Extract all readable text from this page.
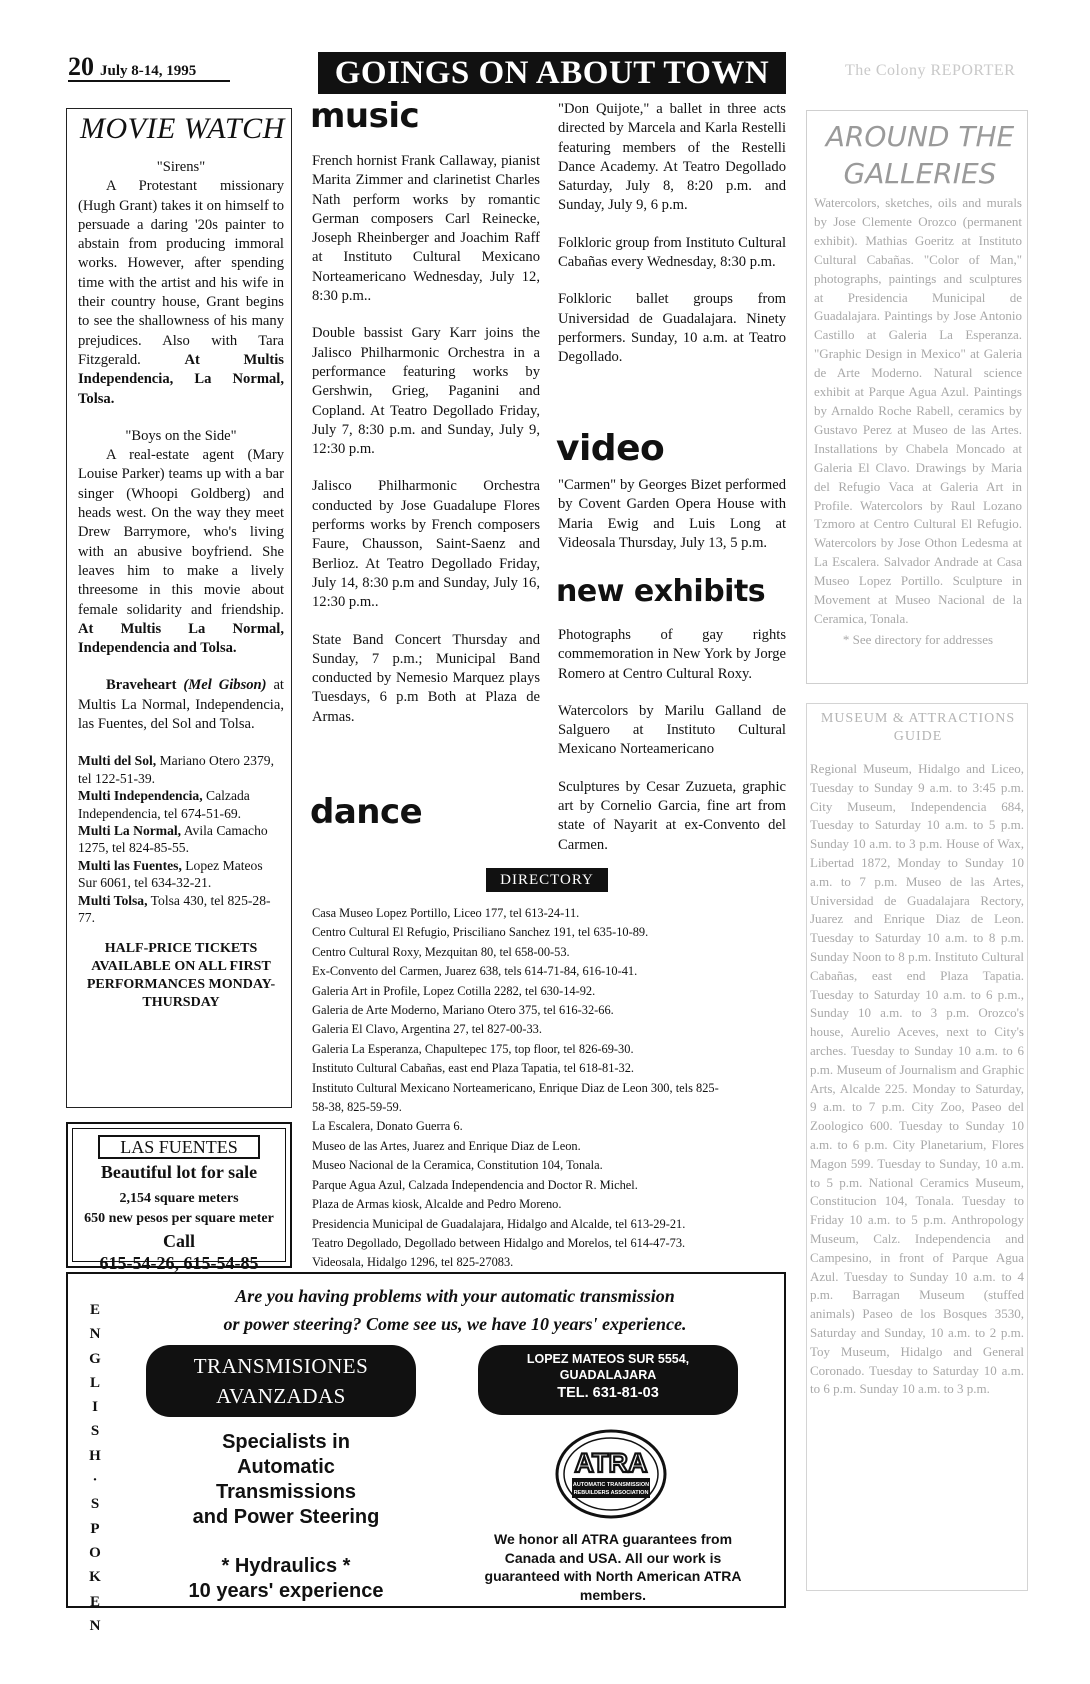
20 July 8-14, 1995	GOINGS ON ABOUT TOWN	The Colony REPORTER
MOVIE WATCH

"Sirens"
A Protestant missionary (Hugh Grant) takes it on himself to persuade a daring '20s painter to abstain from producing immoral works. However, after spending time with the artist and his wife in their country house, Grant begins to see the shallowness of his many prejudices. Also with Tara Fitzgerald.	At Multis Independencia, La Normal, Tolsa.

"Boys on the Side"
A real-estate agent (Mary Louise Parker) teams up with a bar singer (Whoopi Goldberg) and heads west. On the way they meet Drew Barrymore, who's living with an abusive boyfriend. She leaves him to make a lively threesome in this movie about female solidarity and friendship. At Multis La Normal, Independencia and Tolsa.

Braveheart (Mel Gibson) at Multis La Normal, Independencia, las Fuentes, del Sol and Tolsa.

Multi del Sol, Mariano Otero 2379, tel 122-51-39.
Multi Independencia, Calzada Independencia, tel 674-51-69.
Multi La Normal, Avila Camacho 1275, tel 824-85-55.
Multi las Fuentes, Lopez Mateos Sur 6061, tel 634-32-21.
Multi Tolsa, Tolsa 430, tel 825-28-77.
HALF-PRICE TICKETS AVAILABLE ON ALL FIRST PERFORMANCES MONDAY-THURSDAY
LAS FUENTES
Beautiful lot for sale
2,154 square meters
650 new pesos per square meter
Call
615-54-26, 615-54-85
music

French hornist Frank Callaway, pianist Marita Zimmer and clarinetist Charles Nath perform works by romantic German composers Carl Reinecke, Joseph Rheinberger and Joachim Raff at Instituto Cultural Mexicano Norteamericano Wednesday, July 12, 8:30 p.m..

Double bassist Gary Karr joins the Jalisco Philharmonic Orchestra in a performance featuring works by Gershwin, Grieg, Paganini and Copland. At Teatro Degollado Friday, July 7, 8:30 p.m. and Sunday, July 9, 12:30 p.m.

Jalisco Philharmonic Orchestra conducted by Jose Guadalupe Flores performs works by French composers Faure, Chausson, Saint-Saenz and Berlioz. At Teatro Degollado Friday, July 14, 8:30 p.m and Sunday, July 16, 12:30 p.m..

State Band Concert Thursday and Sunday, 7 p.m.; Municipal Band conducted by Nemesio Marquez plays Tuesdays, 6 p.m Both at Plaza de Armas.

dance

"Don Quijote," a ballet in three acts directed by Marcela and Karla Restelli featuring members of the Restelli Dance Academy. At Teatro Degollado Saturday, July 8, 8:20 p.m. and Sunday, July 9, 6 p.m.

Folkloric group from Instituto Cultural Cabañas every Wednesday, 8:30 p.m.

Folkloric ballet groups from Universidad de Guadalajara. Ninety performers. Sunday, 10 a.m. at Teatro Degollado.

video

"Carmen" by Georges Bizet performed by Covent Garden Opera House with Maria Ewig and Luis Long at Videosala Thursday, July 13, 5 p.m.

new exhibits

Photographs of gay rights commemoration in New York by Jorge Romero at Centro Cultural Roxy.

Watercolors by Marilu Galland de Salguero at Instituto Cultural Mexicano Norteamericano

Sculptures by Cesar Zuzueta, graphic art by Cornelio Garcia, fine art from state of Nayarit at ex-Convento del Carmen.

DIRECTORY
Casa Museo Lopez Portillo, Liceo 177, tel 613-24-11.
Centro Cultural El Refugio, Prisciliano Sanchez 191, tel 635-10-89.
Centro Cultural Roxy, Mezquitan 80, tel 658-00-53.
Ex-Convento del Carmen, Juarez 638, tels 614-71-84, 616-10-41.
Galeria Art in Profile, Lopez Cotilla 2282, tel 630-14-92.
Galeria de Arte Moderno, Mariano Otero 375, tel 616-32-66.
Galeria El Clavo, Argentina 27, tel 827-00-33.
Galeria La Esperanza, Chapultepec 175, top floor, tel 826-69-30.
Instituto Cultural Cabañas, east end Plaza Tapatia, tel 618-81-32.
Instituto Cultural Mexicano Norteamericano, Enrique Diaz de Leon 300, tels 825-
58-38, 825-59-59.
La Escalera, Donato Guerra 6.
Museo de las Artes, Juarez and Enrique Diaz de Leon.
Museo Nacional de la Ceramica, Constitution 104, Tonala.
Parque Agua Azul, Calzada Independencia and Doctor R. Michel.
Plaza de Armas kiosk, Alcalde and Pedro Moreno.
Presidencia Municipal de Guadalajara, Hidalgo and Alcalde, tel 613-29-21.
Teatro Degollado, Degollado between Hidalgo and Morelos, tel 614-47-73.
Videosala, Hidalgo 1296, tel 825-27083.
AROUND THE GALLERIES
Watercolors, sketches, oils and murals by Jose Clemente Orozco (permanent exhibit). Mathias Goeritz at Instituto Cultural Cabañas. "Color of Man," photographs, paintings and sculptures at Presidencia Municipal de Guadalajara. Paintings by Jose Antonio Castillo at Galeria La Esperanza. "Graphic Design in Mexico" at Galeria de Arte Moderno. Natural science exhibit at Parque Agua Azul. Paintings by Arnaldo Roche Rabell, ceramics by Gustavo Perez at Museo de las Artes. Installations by Chabela Moncado at Galeria El Clavo. Drawings by Maria del Refugio Vaca at Galeria Art in Profile. Watercolors by Raul Lozano Tzmoro at Centro Cultural El Refugio. Watercolors by Jose Othon Ledesma at La Escalera. Salvador Andrade at Casa Museo Lopez Portillo. Sculpture in Movement at Museo Nacional de la Ceramica, Tonala.
* See directory for addresses
MUSEUM & ATTRACTIONS GUIDE
Regional Museum, Hidalgo and Liceo, Tuesday to Sunday 9 a.m. to 3:45 p.m. City Museum, Independencia 684, Tuesday to Saturday 10 a.m. to 5 p.m. Sunday 10 a.m. to 3 p.m. House of Wax, Libertad 1872, Monday to Sunday 10 a.m. to 7 p.m. Museo de las Artes, Universidad de Guadalajara Rectory, Juarez and Enrique Diaz de Leon. Tuesday to Saturday 10 a.m. to 8 p.m. Sunday Noon to 8 p.m. Instituto Cultural Cabañas, east end Plaza Tapatia. Tuesday to Saturday 10 a.m. to 6 p.m., Sunday 10 a.m. to 3 p.m. Orozco's house, Aurelio Aceves, next to City's arches. Tuesday to Sunday 10 a.m. to 6 p.m. Museum of Journalism and Graphic Arts, Alcalde 225. Monday to Saturday, 9 a.m. to 7 p.m. City Zoo, Paseo del Zoologico 600. Tuesday to Sunday 10 a.m. to 6 p.m. City Planetarium, Flores Magon 599. Tuesday to Sunday, 10 a.m. to 5 p.m. National Ceramics Museum, Constitucion 104, Tonala. Tuesday to Friday 10 a.m. to 5 p.m. Anthropology Museum, Calz. Independencia and Campesino, in front of Parque Agua Azul. Tuesday to Sunday 10 a.m. to 4 p.m. Barragan Museum (stuffed animals) Paseo de los Bosques 3530, Saturday and Sunday, 10 a.m. to 2 p.m. Toy Museum, Hidalgo and General Coronado. Tuesday to Saturday 10 a.m. to 6 p.m. Sunday 10 a.m. to 3 p.m.
E
N
G
L
I
S
H
·
S
P
O
K
E
N
Are you having problems with your automatic transmission
or power steering? Come see us, we have 10 years' experience.
TRANSMISIONES
AVANZADAS
LOPEZ MATEOS SUR 5554,
GUADALAJARA
TEL. 631-81-03
Specialists in
Automatic
Transmissions
and Power Steering
* Hydraulics *
10 years' experience
ATRA
AUTOMATIC TRANSMISSION
REBUILDERS ASSOCIATION
We honor all ATRA guarantees from Canada and USA. All our work is guaranteed with North American ATRA members.
